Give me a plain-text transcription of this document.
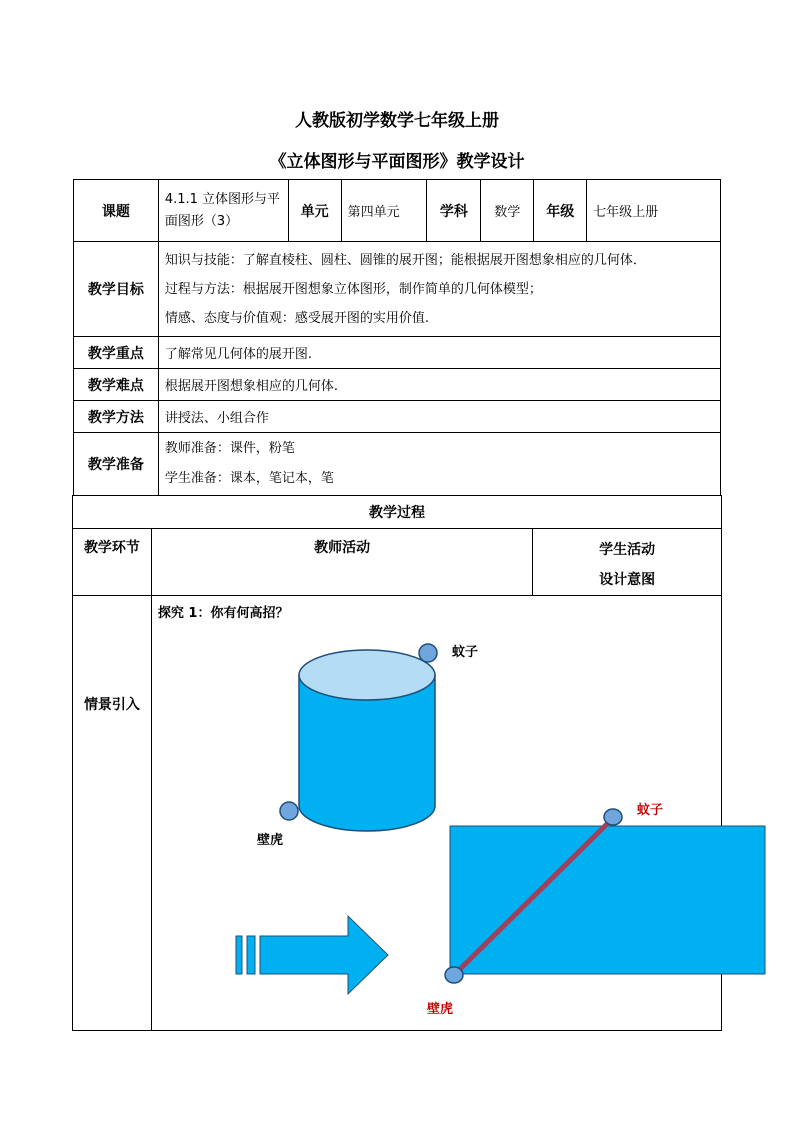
人教版初学数学七年级上册
《立体图形与平面图形》教学设计
课题	4.1.1 立体图形与平
面图形（3）	单元	第四单元	学科	数学	年级	七年级上册
教学目标	知识与技能：了解直棱柱、圆柱、圆锥的展开图；能根据展开图想象相应的几何体．
过程与方法：根据展开图想象立体图形，制作简单的几何体模型；
情感、态度与价值观：感受展开图的实用价值.						

教学重点	了解常见几何体的展开图.						
教学难点	根据展开图想象相应的几何体.						
教学方法	讲授法、小组合作						
教学准备	教师准备：课件，粉笔
学生准备：课本，笔记本，笔						
教学过程		
教学环节	教师活动	学生活动
设计意图

情景引入	探究 1：你有何高招？
蚊子
壁虎
蚊子
壁虎	
